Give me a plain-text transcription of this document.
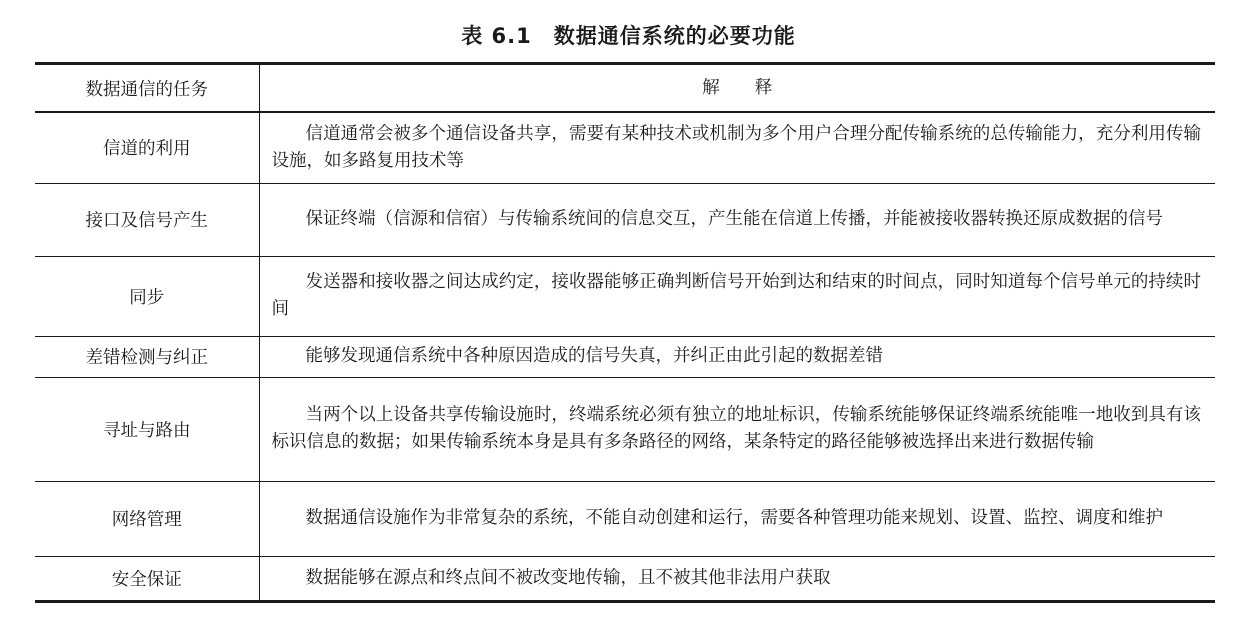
表 6.1 数据通信系统的必要功能
数据通信的任务	解　　释
信道的利用	信道通常会被多个通信设备共享，需要有某种技术或机制为多个用户合理分配传输系统的总传输能力，充分利用传输设施，如多路复用技术等
接口及信号产生	保证终端（信源和信宿）与传输系统间的信息交互，产生能在信道上传播，并能被接收器转换还原成数据的信号
同步	发送器和接收器之间达成约定，接收器能够正确判断信号开始到达和结束的时间点，同时知道每个信号单元的持续时间
差错检测与纠正	能够发现通信系统中各种原因造成的信号失真，并纠正由此引起的数据差错
寻址与路由	当两个以上设备共享传输设施时，终端系统必须有独立的地址标识，传输系统能够保证终端系统能唯一地收到具有该标识信息的数据；如果传输系统本身是具有多条路径的网络，某条特定的路径能够被选择出来进行数据传输
网络管理	数据通信设施作为非常复杂的系统，不能自动创建和运行，需要各种管理功能来规划、设置、监控、调度和维护
安全保证	数据能够在源点和终点间不被改变地传输，且不被其他非法用户获取
